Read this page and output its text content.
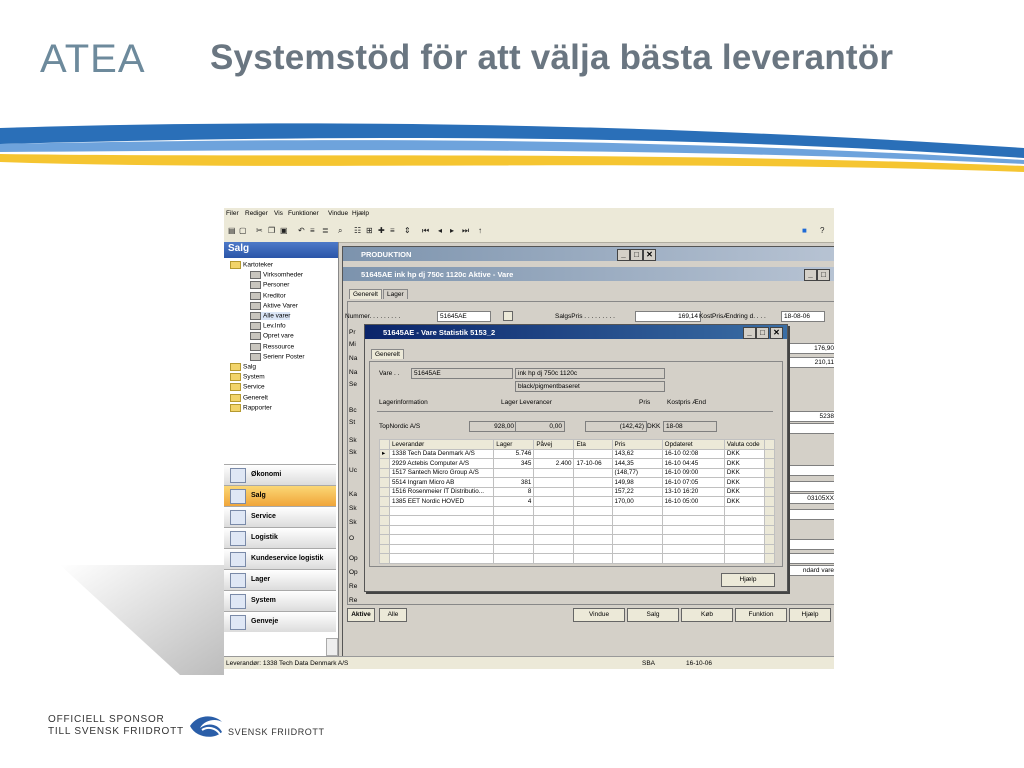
ATEA Systemstöd för att välja bästa leverantör
Filer Rediger Vis Funktioner Vindue Hjælp
▤ ▢ ✂ ❐ ▣ ↶ ≡ ≣ ⌕ ☷ ⊞ ✚ ≡ ⇕ ⏮ ◂ ▸ ⏭ ↑	■ ?
Salg
Kartoteker
Virksomheder
Personer
Kreditor
Aktive Varer
Alle varer
Lev.Info
Opret vare
Ressource
Serienr Poster
Salg
System
Service
Generelt
Rapporter
Økonomi
Salg
Service
Logistik
Kundeservice logistik
Lager
System
Genveje
PRODUKTION	_	□ ✕
51645AE ink hp dj 750c 1120c Aktive - Vare	_	□
Generelt	Lager
Nummer. . . . . . . . .	51645AE	SalgsPris . . . . . . . . .	169,14 KostPrisÆndring d. . . .	18-08-06
Pr
Mi
Na
Na
Se
Bc
St
Sk
Sk
Uc
Ka
Sk
Sk
O
Op
Op
Re
Re
176,90
210,11
5238
03105XX
ndard vare
Aktive	Alle	Vindue	Salg	Køb	Funktion	Hjælp
51645AE - Vare Statistik 5153_2	_	□	✕
Generelt
Vare . .	51645AE	ink hp dj 750c 1120c
black/pigmentbaseret
Lagerinformation	Lager Leverancer	Pris	Kostpris Ænd
TopNordic A/S	928,00	0,00	(142,42) DKK 18-08
	Leverandør	Lager	Påvej	Eta	Pris	Opdateret	Valuta code	
▸	1338 Tech Data Denmark A/S	5.746			143,62	16-10 02:08	DKK	
	2929 Actebis Computer A/S	345	2.400	17-10-06	144,35	16-10 04:45	DKK	
	1517 Santech Micro Group A/S				(148,77)	16-10 09:00	DKK	
	5514 Ingram Micro AB	381			149,98	16-10 07:05	DKK	
	1516 Rosenmeier IT Distributio...	8			157,22	13-10 16:20	DKK	
	1385 EET Nordic HOVED	4			170,00	16-10 05:00	DKK	

Hjælp
Leverandør: 1338 Tech Data Denmark A/S	SBA	16-10-06
OFFICIELL SPONSOR
TILL SVENSK FRIIDROTT	SVENSK FRIIDROTT
